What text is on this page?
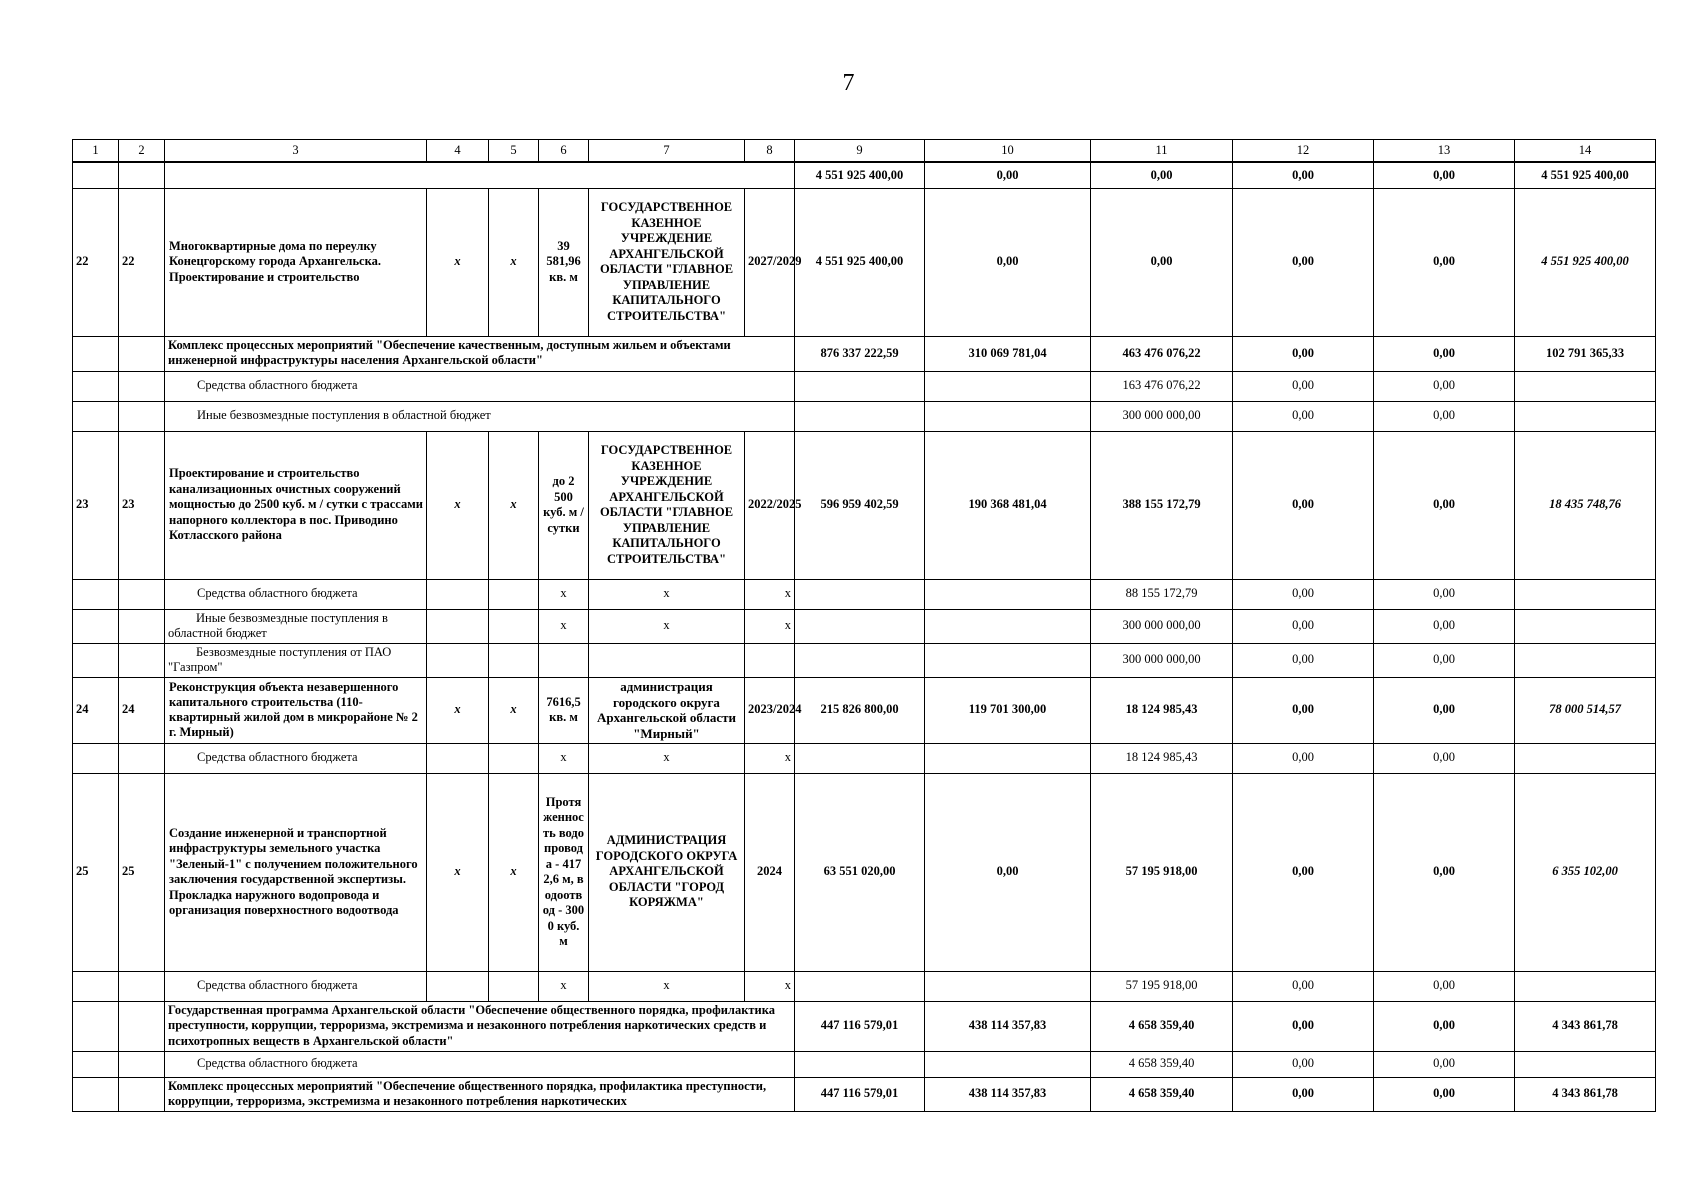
7
1	2	3	4	5	6	7	8	9	10	11	12	13	14
								4 551 925 400,00	0,00	0,00	0,00	0,00	4 551 925 400,00
22	22	Многоквартирные дома по переулку Конецгорскому города Архангельска. Проектирование и строительство	x	x	39 581,96 кв. м	ГОСУДАРСТВЕННОЕ КАЗЕННОЕ УЧРЕЖДЕНИЕ АРХАНГЕЛЬСКОЙ ОБЛАСТИ "ГЛАВНОЕ УПРАВЛЕНИЕ КАПИТАЛЬНОГО СТРОИТЕЛЬСТВА"	2027/2029	4 551 925 400,00	0,00	0,00	0,00	0,00	4 551 925 400,00
		Комплекс процессных мероприятий "Обеспечение качественным, доступным жильем и объектами инженерной инфраструктуры населения Архангельской области"						876 337 222,59	310 069 781,04	463 476 076,22	0,00	0,00	102 791 365,33
		Средства областного бюджета								163 476 076,22	0,00	0,00	
		Иные безвозмездные поступления в областной бюджет								300 000 000,00	0,00	0,00	
23	23	Проектирование и строительство канализационных очистных сооружений мощностью до 2500 куб. м / сутки с трассами напорного коллектора в пос. Приводино Котласского района	x	x	до 2 500 куб. м / сутки	ГОСУДАРСТВЕННОЕ КАЗЕННОЕ УЧРЕЖДЕНИЕ АРХАНГЕЛЬСКОЙ ОБЛАСТИ "ГЛАВНОЕ УПРАВЛЕНИЕ КАПИТАЛЬНОГО СТРОИТЕЛЬСТВА"	2022/2025	596 959 402,59	190 368 481,04	388 155 172,79	0,00	0,00	18 435 748,76
		Средства областного бюджета			x	x	x			88 155 172,79	0,00	0,00	
		Иные безвозмездные поступления в областной бюджет			x	x	x			300 000 000,00	0,00	0,00	
		Безвозмездные поступления от ПАО "Газпром"								300 000 000,00	0,00	0,00	
24	24	Реконструкция объекта незавершенного капитального строительства (110-квартирный жилой дом в микрорайоне № 2 г. Мирный)	x	x	7616,5 кв. м	администрация городского округа Архангельской области "Мирный"	2023/2024	215 826 800,00	119 701 300,00	18 124 985,43	0,00	0,00	78 000 514,57
		Средства областного бюджета			x	x	x			18 124 985,43	0,00	0,00	
25	25	Создание инженерной и транспортной инфраструктуры земельного участка "Зеленый-1" с получением положительного заключения государственной экспертизы. Прокладка наружного водопровода и организация поверхностного водоотвода	x	x	Протяженность водопровода - 4172,6 м, водоотвод - 3000 куб. м	АДМИНИСТРАЦИЯ ГОРОДСКОГО ОКРУГА АРХАНГЕЛЬСКОЙ ОБЛАСТИ "ГОРОД КОРЯЖМА"	2024	63 551 020,00	0,00	57 195 918,00	0,00	0,00	6 355 102,00
		Средства областного бюджета			x	x	x			57 195 918,00	0,00	0,00	
		Государственная программа Архангельской области "Обеспечение общественного порядка, профилактика преступности, коррупции, терроризма, экстремизма и незаконного потребления наркотических средств и психотропных веществ в Архангельской области"						447 116 579,01	438 114 357,83	4 658 359,40	0,00	0,00	4 343 861,78
		Средства областного бюджета								4 658 359,40	0,00	0,00	
		Комплекс процессных мероприятий "Обеспечение общественного порядка, профилактика преступности, коррупции, терроризма, экстремизма и незаконного потребления наркотических						447 116 579,01	438 114 357,83	4 658 359,40	0,00	0,00	4 343 861,78
